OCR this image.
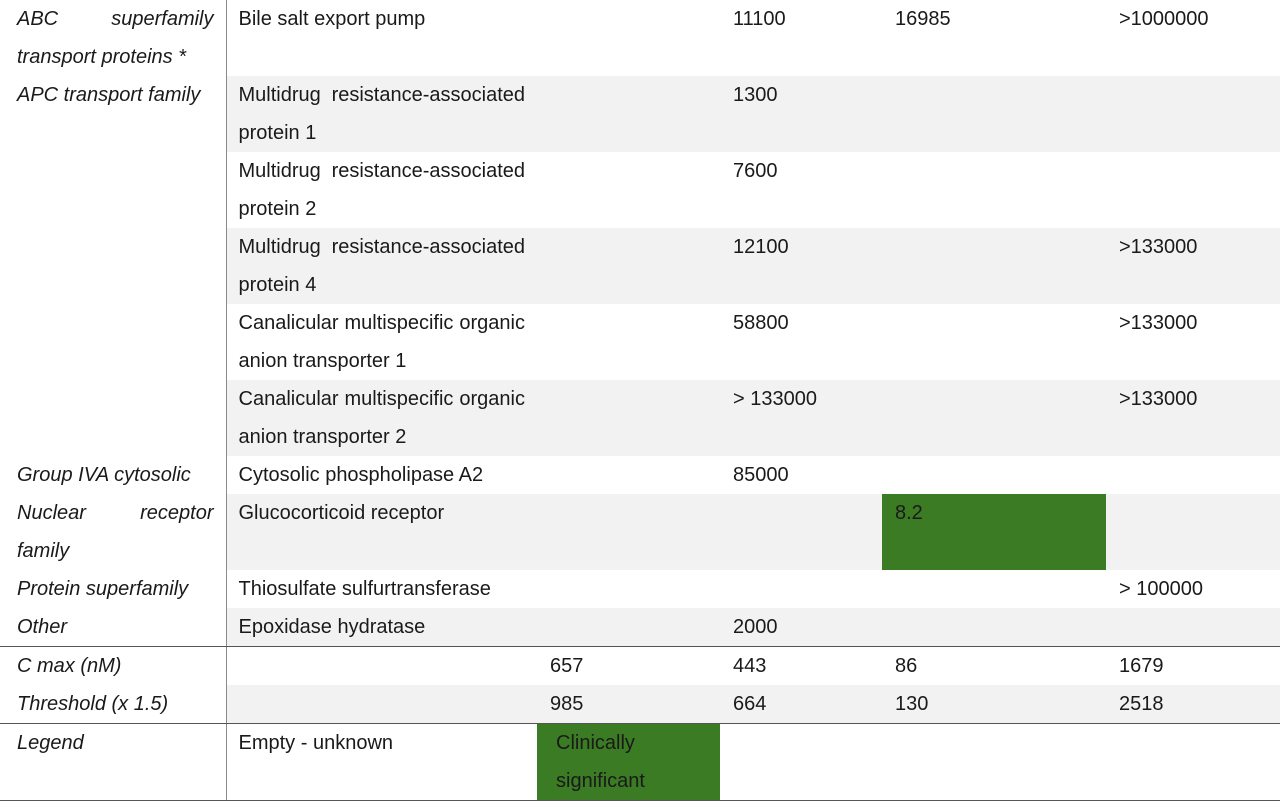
ABC superfamily transport proteins *	Bile salt export pump		11100	16985	>1000000
APC transport family	Multidrug resistance-associated protein 1		1300		
	Multidrug resistance-associated protein 2		7600		
	Multidrug resistance-associated protein 4		12100		>133000
	Canalicular multispecific organic anion transporter 1		58800		>133000
	Canalicular multispecific organic anion transporter 2		> 133000		>133000
Group IVA cytosolic	Cytosolic phospholipase A2		85000		
Nuclear receptor family	Glucocorticoid receptor			8.2	
Protein superfamily	Thiosulfate sulfurtransferase				> 100000
Other	Epoxidase hydratase		2000		
C max (nM)		657	443	86	1679
Threshold (x 1.5)		985	664	130	2518
Legend	Empty - unknown	Clinically significant			
